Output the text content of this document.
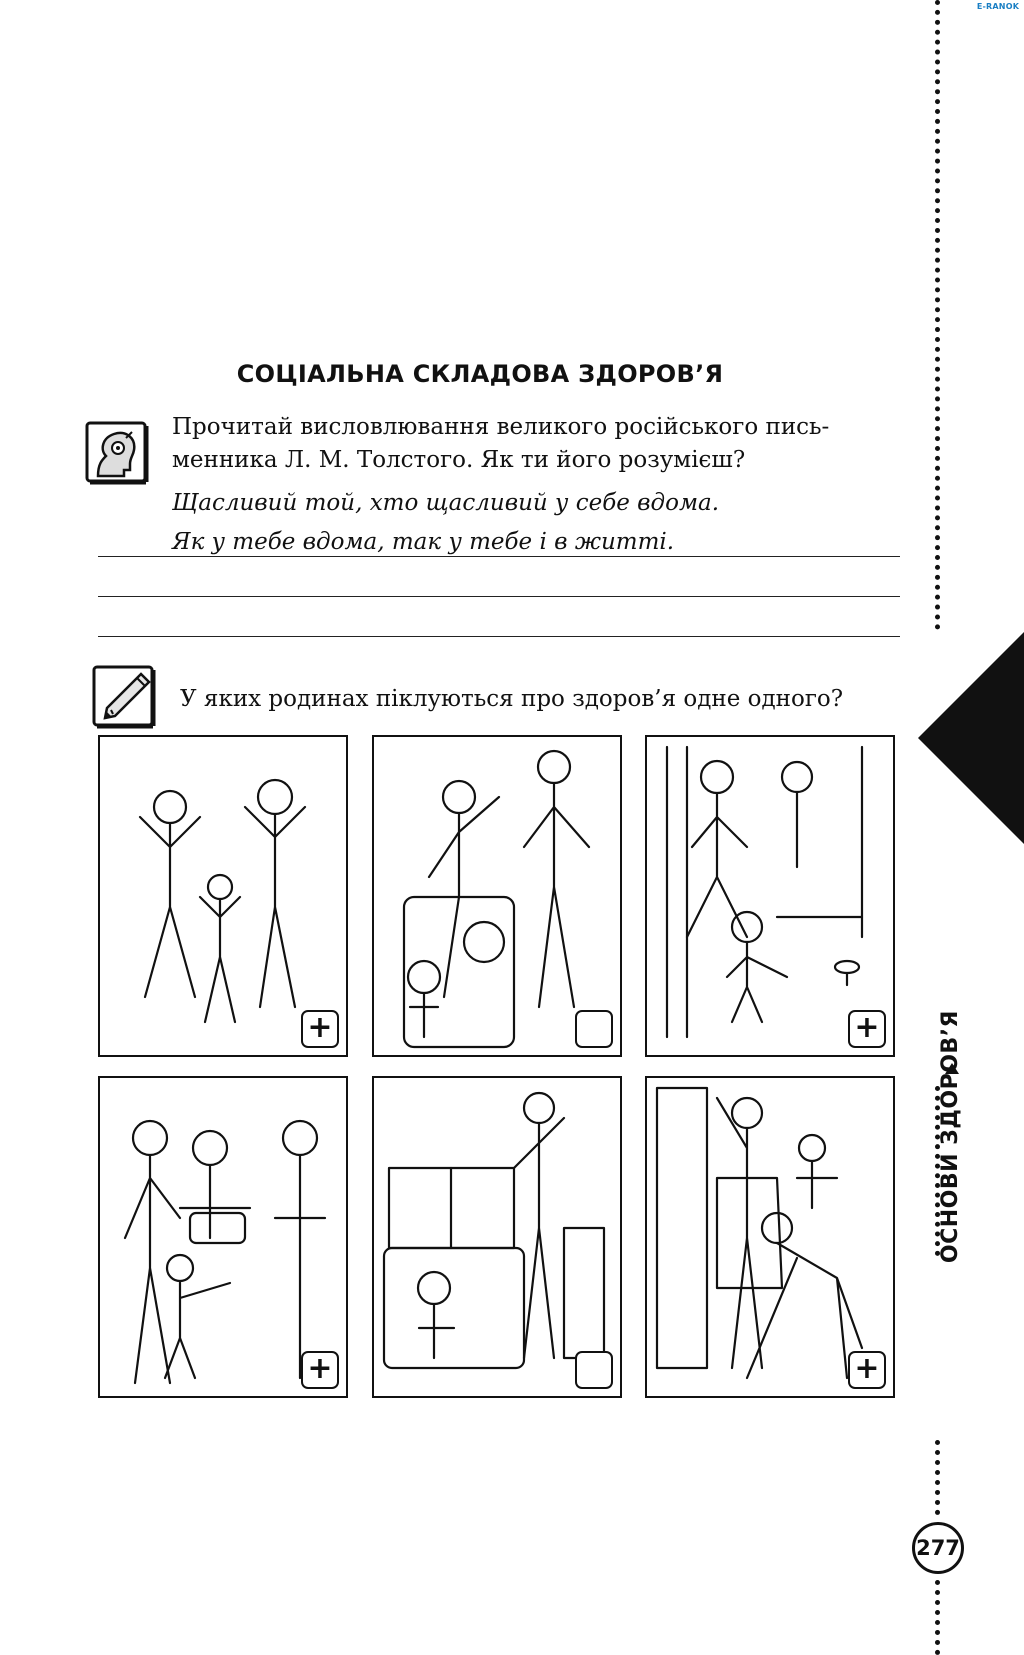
E-RANOK
ОСНОВИ ЗДОРОВ’Я
277
СОЦІАЛЬНА СКЛАДОВА ЗДОРОВ’Я

Прочитай висловлювання великого російського пись-

менника Л. М. Толстого. Як ти його розумієш?

Щасливий той, хто щасливий у себе вдома.
Як у тебе вдома, так у тебе і в житті.
У яких родинах піклуються про здоров’я одне одного?
+	+
+	+
